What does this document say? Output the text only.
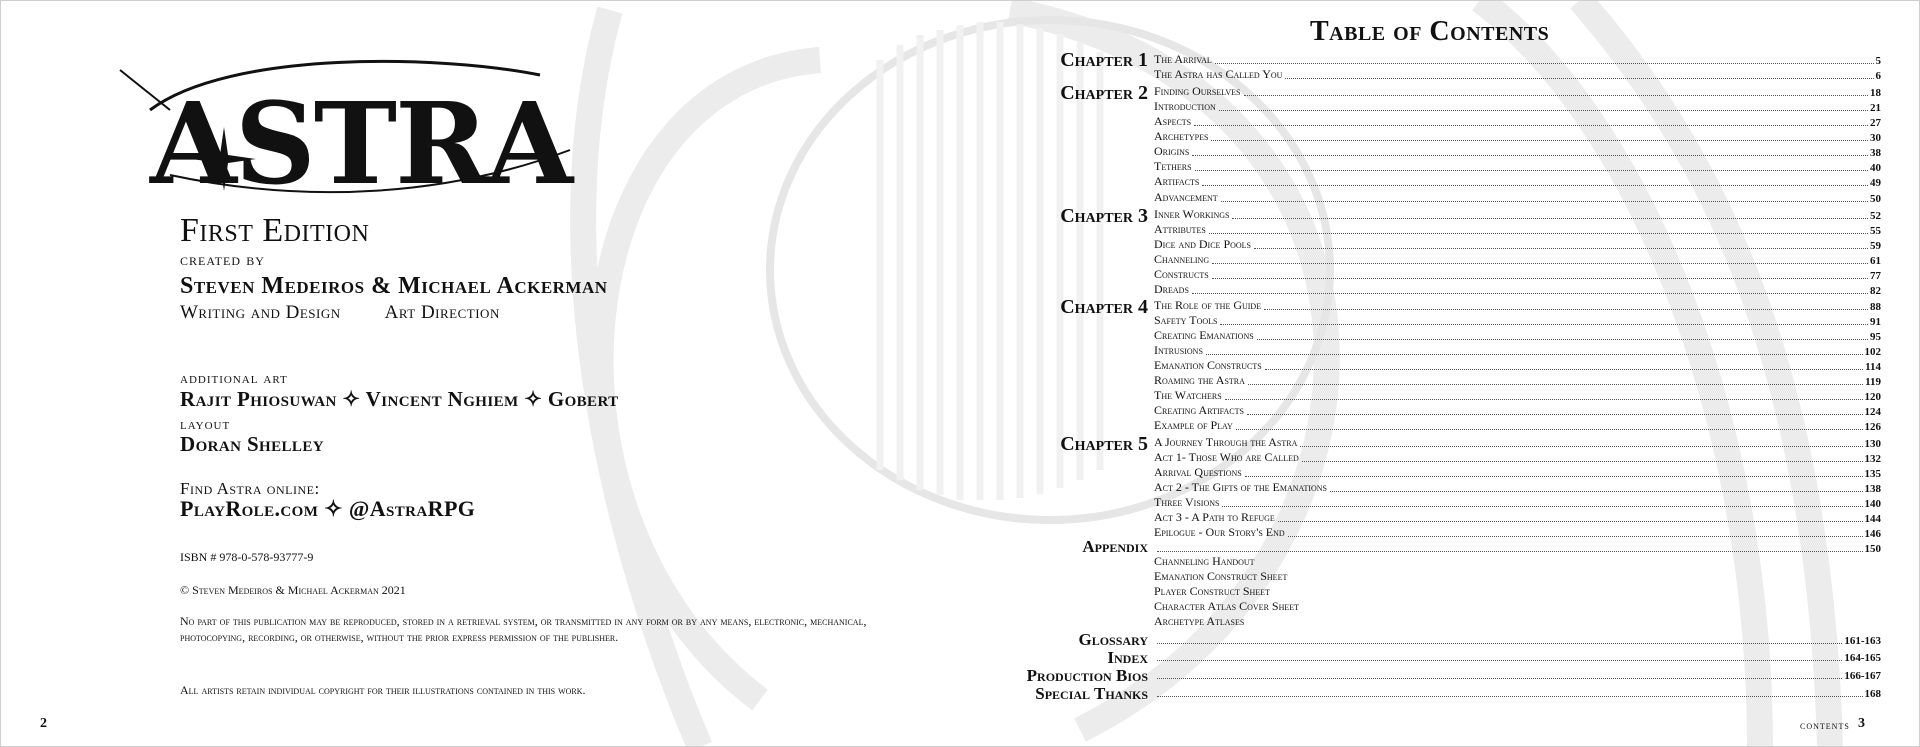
ASTRA
First Edition
created by
Steven Medeiros & Michael Ackerman
Writing and Design Art Direction
additional art
Rajit Phiosuwan ✧ Vincent Nghiem ✧ Gobert
layout
Doran Shelley
Find Astra online:
PlayRole.com ✧ @AstraRPG
ISBN # 978-0-578-93777-9
© Steven Medeiros & Michael Ackerman 2021
No part of this publication may be reproduced, stored in a retrieval system, or transmitted in any form or by any means, electronic, mechanical, photocopying, recording, or otherwise, without the prior express permission of the publisher.
All artists retain individual copyright for their illustrations contained in this work.
2
Table of Contents
Chapter 1 The Arrival	5
The Astra has Called You	6
Chapter 2 Finding Ourselves	18
Introduction	21
Aspects	27
Archetypes	30
Origins	38
Tethers	40
Artifacts	49
Advancement	50
Chapter 3 Inner Workings	52
Attributes	55
Dice and Dice Pools	59
Channeling	61
Constructs	77
Dreads	82
Chapter 4 The Role of the Guide	88
Safety Tools	91
Creating Emanations	95
Intrusions	102
Emanation Constructs	114
Roaming the Astra	119
The Watchers	120
Creating Artifacts	124
Example of Play	126
Chapter 5 A Journey Through the Astra	130
Act 1- Those Who are Called	132
Arrival Questions	135
Act 2 - The Gifts of the Emanations	138
Three Visions	140
Act 3 - A Path to Refuge	144
Epilogue - Our Story's End	146
Appendix	150
Channeling Handout
Emanation Construct Sheet
Player Construct Sheet
Character Atlas Cover Sheet
Archetype Atlases
Glossary	161-163
Index	164-165
Production Bios	166-167
Special Thanks	168
contents 3
